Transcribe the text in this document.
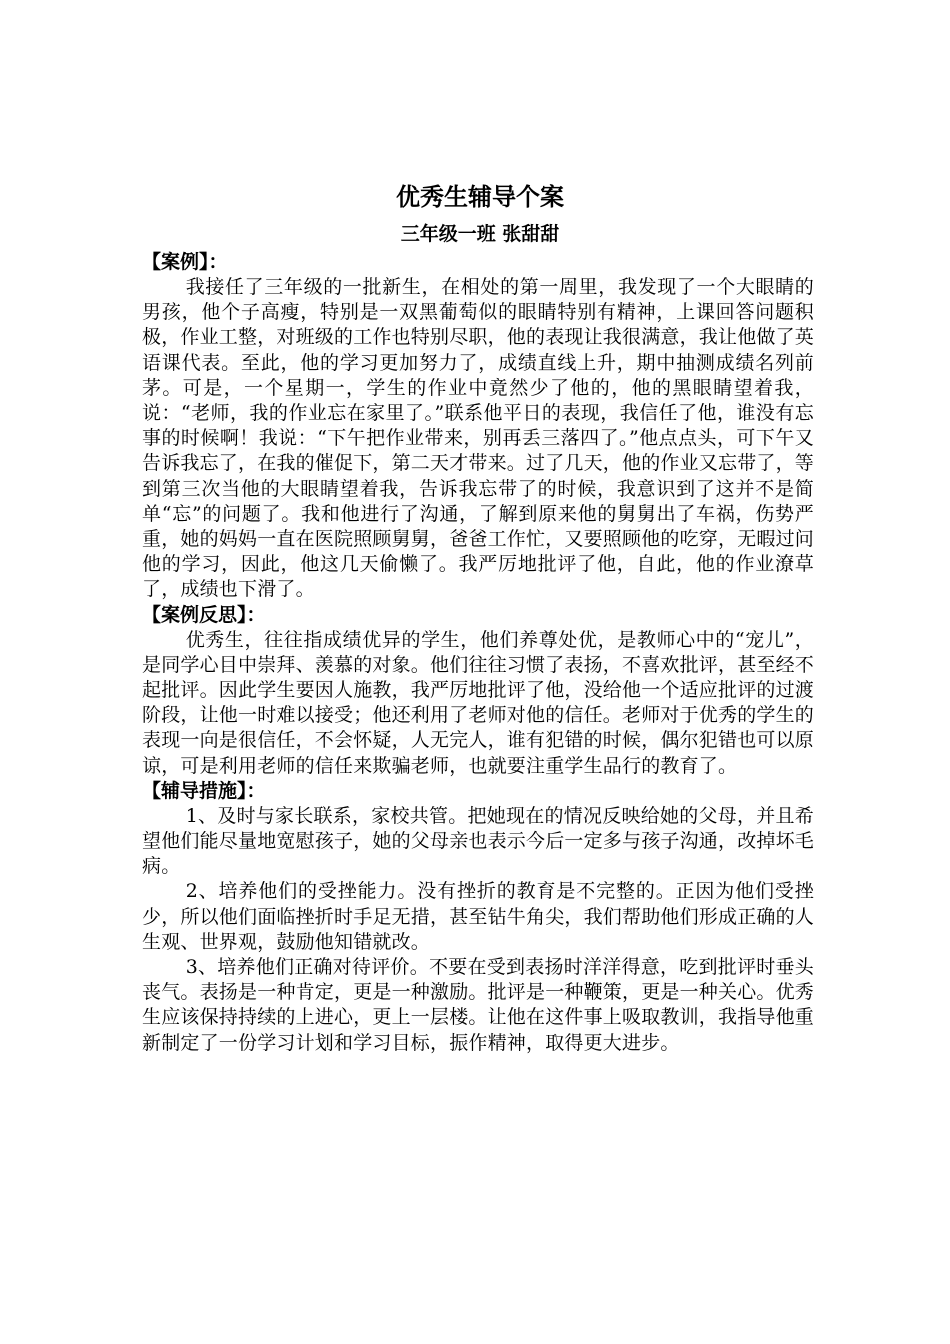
优秀生辅导个案
三年级一班 张甜甜

【案例】：

我接任了三年级的一批新生，在相处的第一周里，我发现了一个大眼睛的男孩，他个子高瘦，特别是一双黑葡萄似的眼睛特别有精神，上课回答问题积极，作业工整，对班级的工作也特别尽职，他的表现让我很满意，我让他做了英语课代表。至此，他的学习更加努力了，成绩直线上升，期中抽测成绩名列前茅。可是，一个星期一，学生的作业中竟然少了他的，他的黑眼睛望着我，说：“老师，我的作业忘在家里了。”联系他平日的表现，我信任了他，谁没有忘事的时候啊！我说：“下午把作业带来，别再丢三落四了。”他点点头，可下午又告诉我忘了，在我的催促下，第二天才带来。过了几天，他的作业又忘带了，等到第三次当他的大眼睛望着我，告诉我忘带了的时候，我意识到了这并不是简单“忘”的问题了。我和他进行了沟通，了解到原来他的舅舅出了车祸，伤势严重，她的妈妈一直在医院照顾舅舅，爸爸工作忙，又要照顾他的吃穿，无暇过问他的学习，因此，他这几天偷懒了。我严厉地批评了他，自此，他的作业潦草了，成绩也下滑了。

【案例反思】：

优秀生，往往指成绩优异的学生，他们养尊处优，是教师心中的“宠儿”，是同学心目中崇拜、羡慕的对象。他们往往习惯了表扬，不喜欢批评，甚至经不起批评。因此学生要因人施教，我严厉地批评了他，没给他一个适应批评的过渡阶段，让他一时难以接受；他还利用了老师对他的信任。老师对于优秀的学生的表现一向是很信任，不会怀疑，人无完人，谁有犯错的时候，偶尔犯错也可以原谅，可是利用老师的信任来欺骗老师，也就要注重学生品行的教育了。

【辅导措施】：

1、及时与家长联系，家校共管。把她现在的情况反映给她的父母，并且希望他们能尽量地宽慰孩子，她的父母亲也表示今后一定多与孩子沟通，改掉坏毛病。

2、培养他们的受挫能力。没有挫折的教育是不完整的。正因为他们受挫少，所以他们面临挫折时手足无措，甚至钻牛角尖，我们帮助他们形成正确的人生观、世界观，鼓励他知错就改。

3、培养他们正确对待评价。不要在受到表扬时洋洋得意，吃到批评时垂头丧气。表扬是一种肯定，更是一种激励。批评是一种鞭策，更是一种关心。优秀生应该保持持续的上进心，更上一层楼。让他在这件事上吸取教训，我指导他重新制定了一份学习计划和学习目标，振作精神，取得更大进步。
